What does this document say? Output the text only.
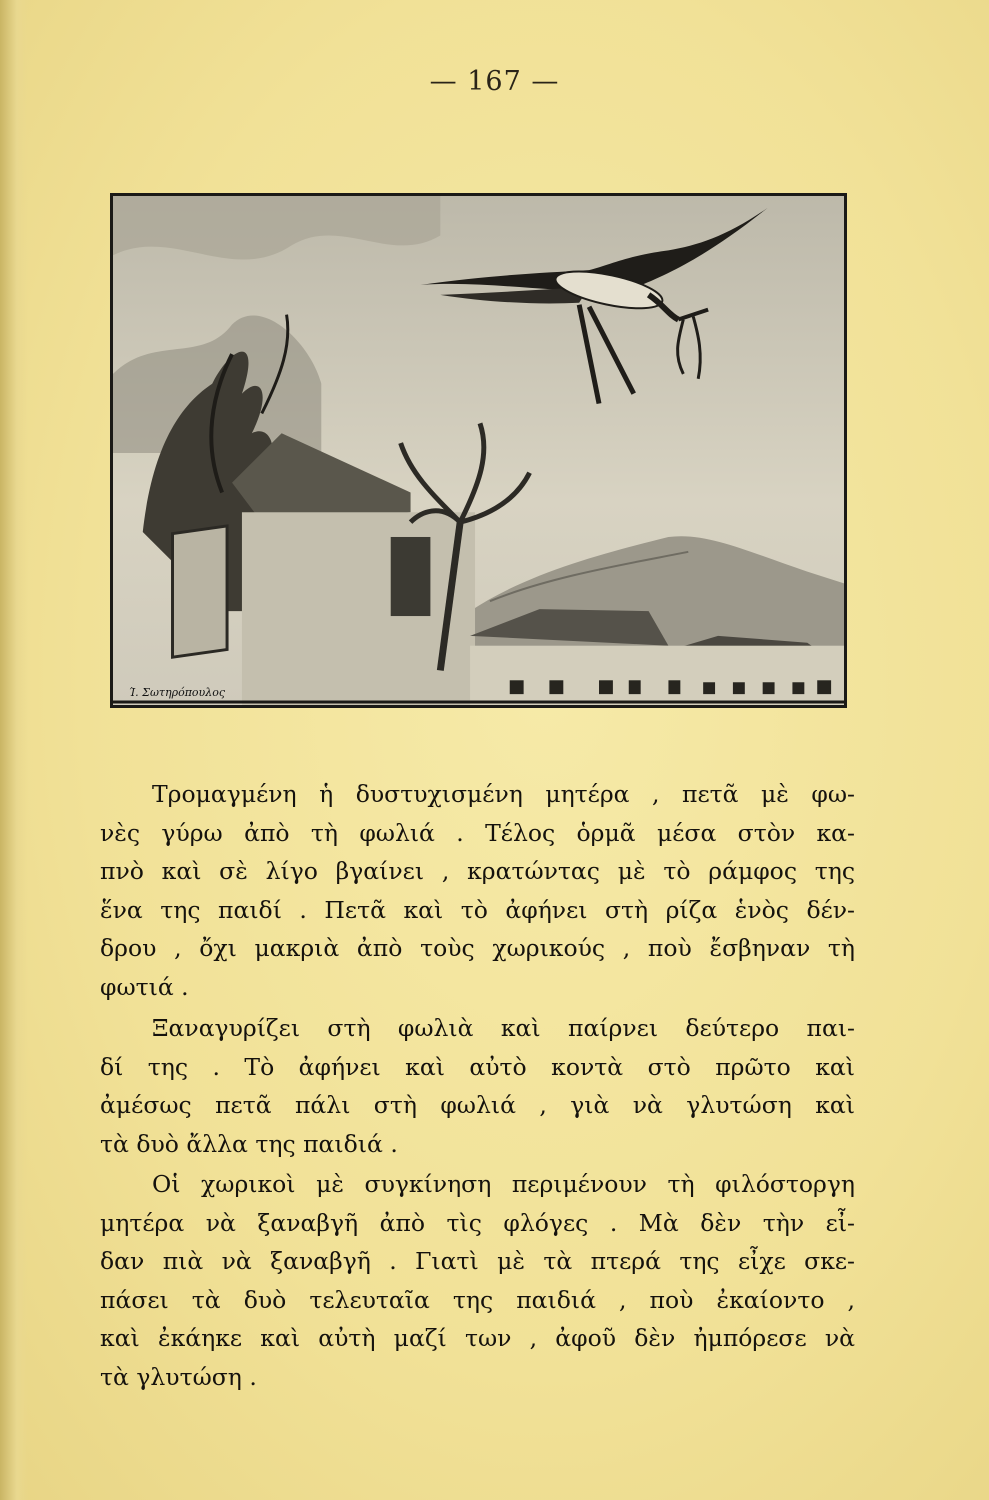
— 167 —
Ί. Σωτηρόπουλος
Τρομαγμένη ἡ δυστυχισμένη μητέρα , πετᾶ μὲ φω-
νὲς γύρω ἀπὸ τὴ φωλιά . Τέλος ὁρμᾶ μέσα στὸν κα-
πνὸ καὶ σὲ λίγο βγαίνει , κρατώντας μὲ τὸ ράμφος της
ἕνα της παιδί . Πετᾶ καὶ τὸ ἀφήνει στὴ ρίζα ἑνὸς δέν-
δρου , ὄχι μακριὰ ἀπὸ τοὺς χωρικούς , ποὺ ἔσβηναν τὴ
φωτιά .
Ξαναγυρίζει στὴ φωλιὰ καὶ παίρνει δεύτερο παι-
δί της . Τὸ ἀφήνει καὶ αὐτὸ κοντὰ στὸ πρῶτο καὶ
ἀμέσως πετᾶ πάλι στὴ φωλιά , γιὰ νὰ γλυτώση καὶ
τὰ δυὸ ἄλλα της παιδιά .
Οἱ χωρικοὶ μὲ συγκίνηση περιμένουν τὴ φιλόστοργη
μητέρα νὰ ξαναβγῆ ἀπὸ τὶς φλόγες . Μὰ δὲν τὴν εἶ-
δαν πιὰ νὰ ξαναβγῆ . Γιατὶ μὲ τὰ πτερά της εἶχε σκε-
πάσει τὰ δυὸ τελευταῖα της παιδιά , ποὺ ἐκαίοντο ,
καὶ ἐκάηκε καὶ αὐτὴ μαζί των , ἀφοῦ δὲν ἠμπόρεσε νὰ
τὰ γλυτώση .
